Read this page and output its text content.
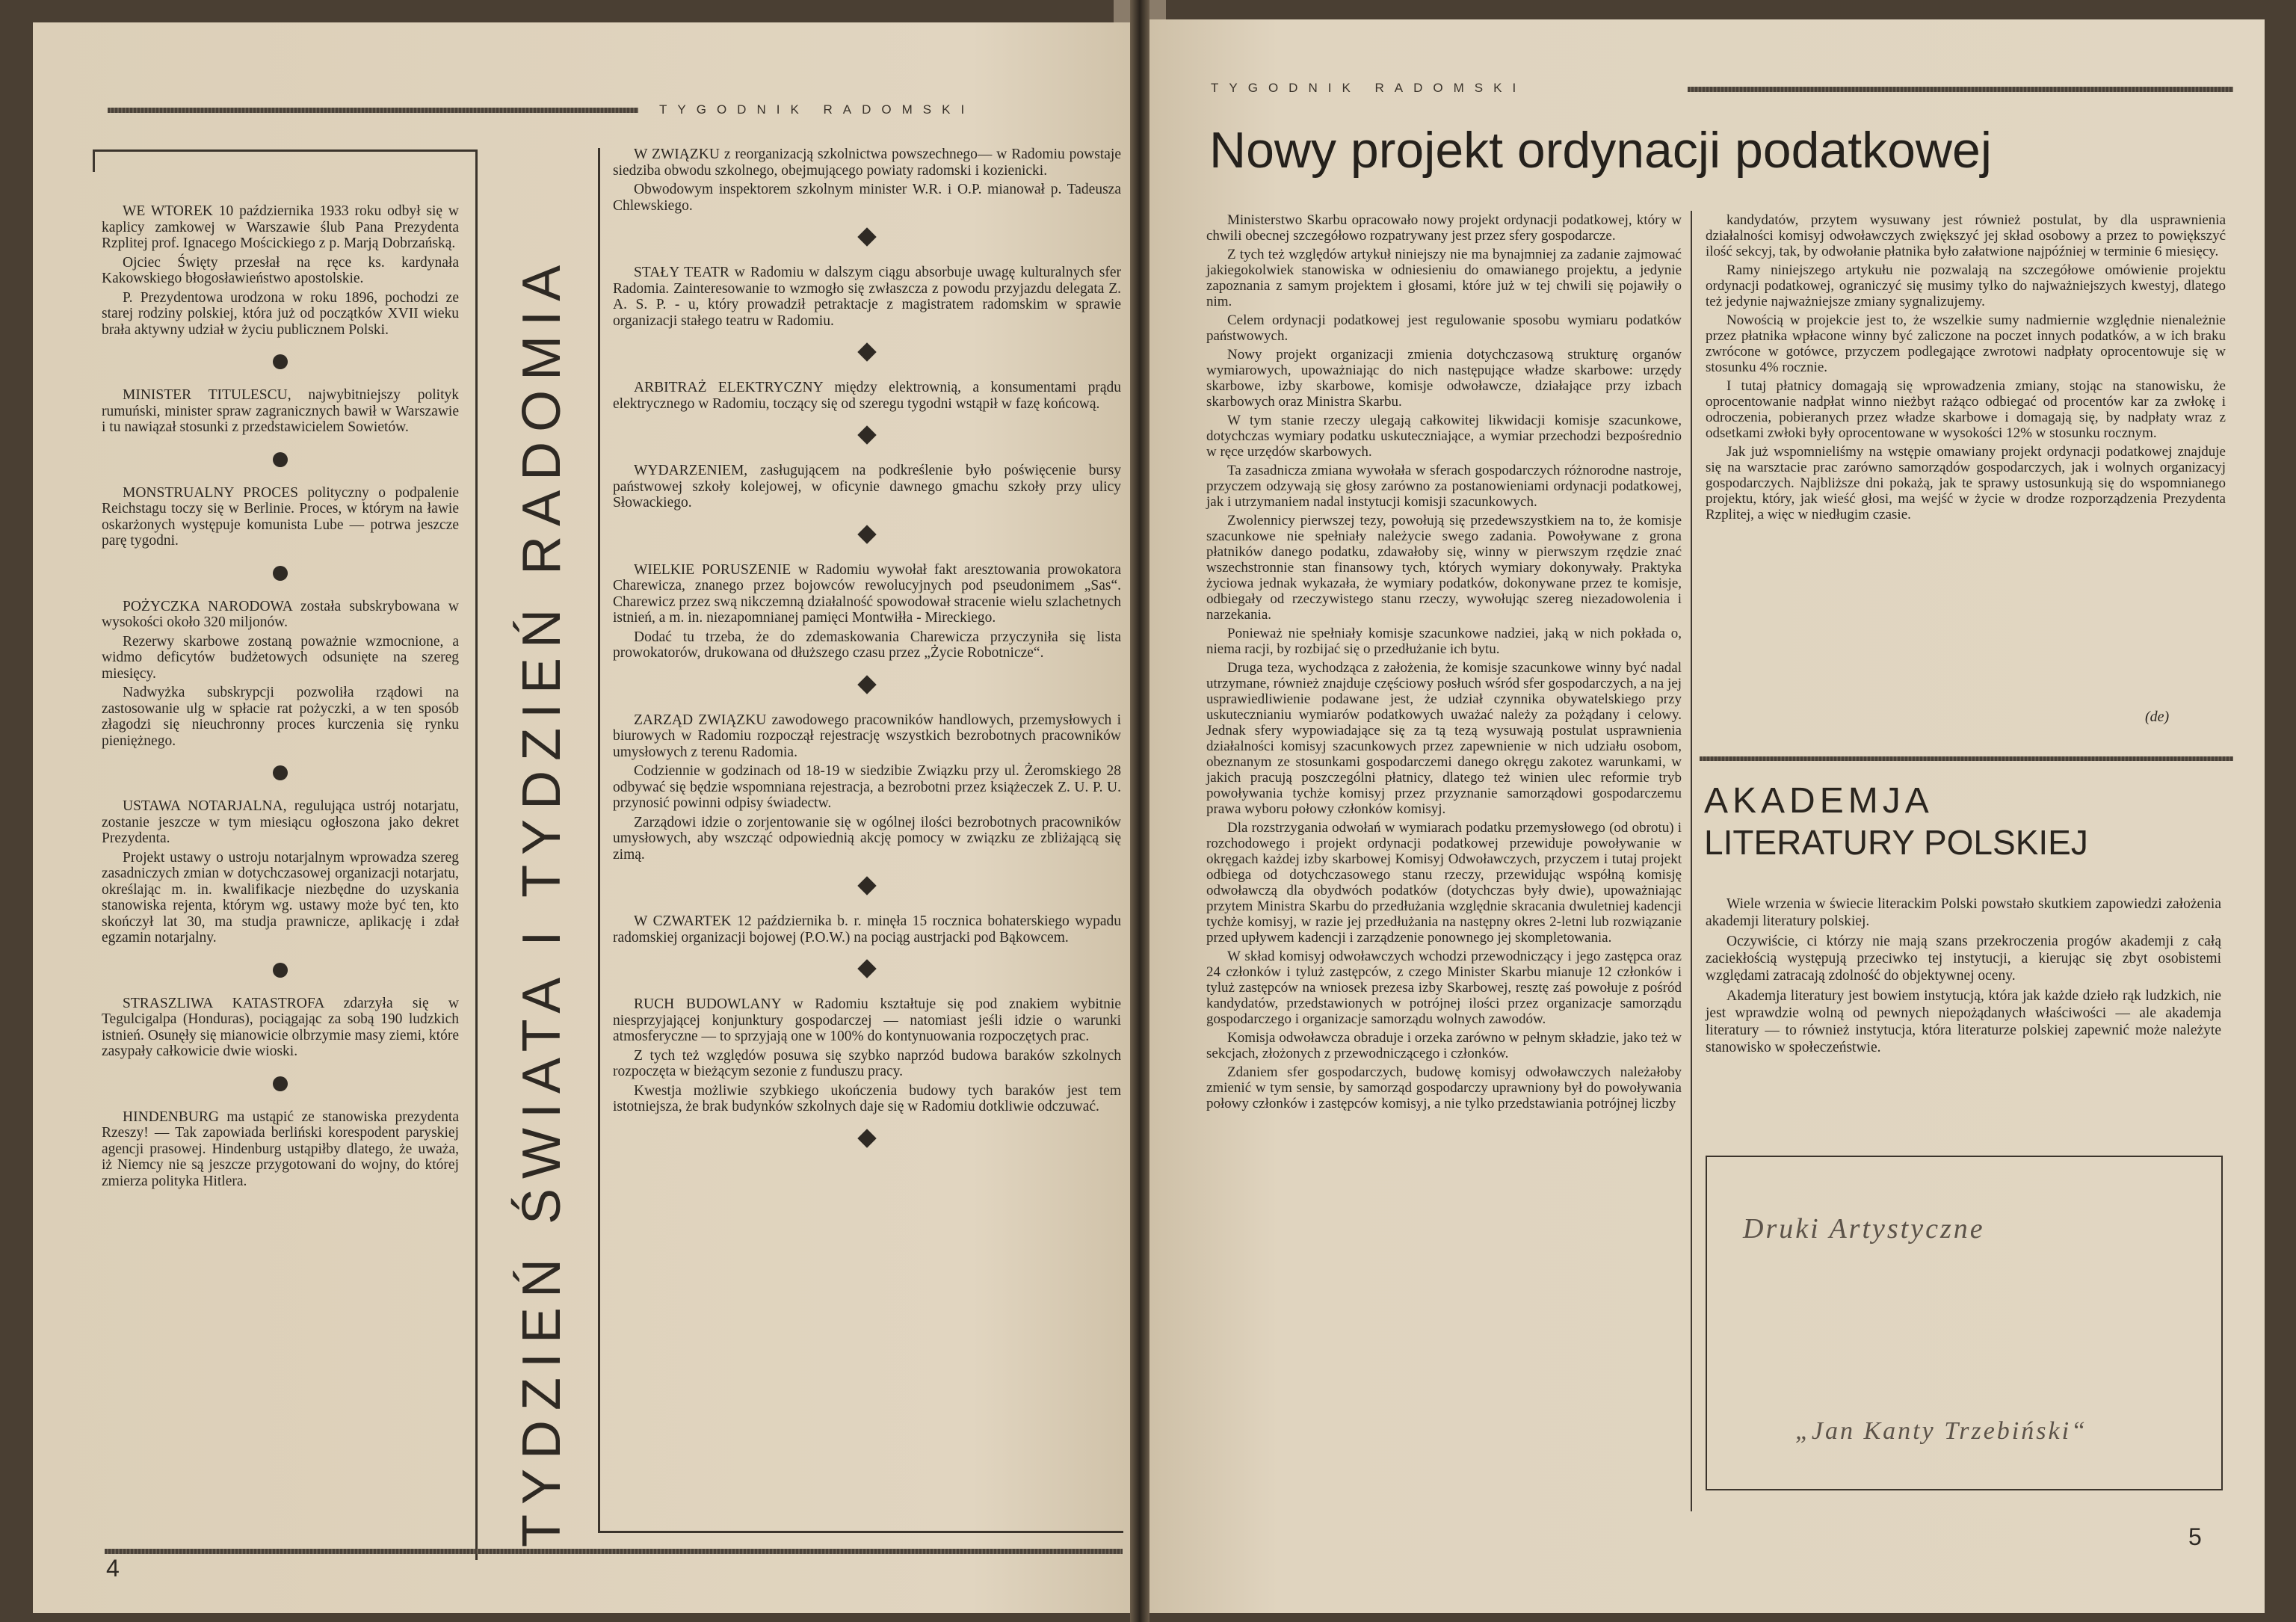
TYGODNIK RADOMSKI

WE WTOREK 10 października 1933 roku odbył się w kaplicy zamkowej w Warszawie ślub Pana Prezydenta Rzplitej prof. Ignacego Mościckiego z p. Marją Dobrzańską.

Ojciec Święty przesłał na ręce ks. kardynała Kakowskiego błogosławieństwo apostolskie.

P. Prezydentowa urodzona w roku 1896, pochodzi ze starej rodziny polskiej, która już od początków XVII wieku brała aktywny udział w życiu publicznem Polski.

MINISTER TITULESCU, najwybitniejszy polityk rumuński, minister spraw zagranicznych bawił w Warszawie i tu nawiązał stosunki z przedstawicielem Sowietów.

MONSTRUALNY PROCES polityczny o podpalenie Reichstagu toczy się w Berlinie. Proces, w którym na ławie oskarżonych występuje komunista Lube — potrwa jeszcze parę tygodni.

POŻYCZKA NARODOWA została subskrybowana w wysokości około 320 miljonów.

Rezerwy skarbowe zostaną poważnie wzmocnione, a widmo deficytów budżetowych odsunięte na szereg miesięcy.

Nadwyżka subskrypcji pozwoliła rządowi na zastosowanie ulg w spłacie rat pożyczki, a w ten sposób złagodzi się nieuchronny proces kurczenia się rynku pieniężnego.

USTAWA NOTARJALNA, regulująca ustrój notarjatu, zostanie jeszcze w tym miesiącu ogłoszona jako dekret Prezydenta.

Projekt ustawy o ustroju notarjalnym wprowadza szereg zasadniczych zmian w dotychczasowej organizacji notarjatu, określając m. in. kwalifikacje niezbędne do uzyskania stanowiska rejenta, którym wg. ustawy może być ten, kto skończył lat 30, ma studja prawnicze, aplikację i zdał egzamin notarjalny.

STRASZLIWA KATASTROFA zdarzyła się w Tegulcigalpa (Honduras), pociągając za sobą 190 ludzkich istnień. Osunęły się mianowicie olbrzymie masy ziemi, które zasypały całkowicie dwie wioski.

HINDENBURG ma ustąpić ze stanowiska prezydenta Rzeszy! — Tak zapowiada berliński korespodent paryskiej agencji prasowej. Hindenburg ustąpiłby dlatego, że uważa, iż Niemcy nie są jeszcze przygotowani do wojny, do której zmierza polityka Hitlera.	TYDZIEŃ ŚWIATA I TYDZIEŃ RADOMIA

W ZWIĄZKU z reorganizacją szkolnictwa powszechnego— w Radomiu powstaje siedziba obwodu szkolnego, obejmującego powiaty radomski i kozienicki.

Obwodowym inspektorem szkolnym minister W.R. i O.P. mianował p. Tadeusza Chlewskiego.

STAŁY TEATR w Radomiu w dalszym ciągu absorbuje uwagę kulturalnych sfer Radomia. Zainteresowanie to wzmogło się zwłaszcza z powodu przyjazdu delegata Z. A. S. P. - u, który prowadził petraktacje z magistratem radomskim w sprawie organizacji stałego teatru w Radomiu.

ARBITRAŻ ELEKTRYCZNY między elektrownią, a konsumentami prądu elektrycznego w Radomiu, toczący się od szeregu tygodni wstąpił w fazę końcową.

WYDARZENIEM, zasługującem na podkreślenie było poświęcenie bursy państwowej szkoły kolejowej, w oficynie dawnego gmachu szkoły przy ulicy Słowackiego.

WIELKIE PORUSZENIE w Radomiu wywołał fakt aresztowania prowokatora Charewicza, znanego przez bojowców rewolucyjnych pod pseudonimem „Sas“. Charewicz przez swą nikczemną działalność spowodował stracenie wielu szlachetnych istnień, a m. in. niezapomnianej pamięci Montwiłła - Mireckiego.

Dodać tu trzeba, że do zdemaskowania Charewicza przyczyniła się lista prowokatorów, drukowana od dłuższego czasu przez „Życie Robotnicze“.

ZARZĄD ZWIĄZKU zawodowego pracowników handlowych, przemysłowych i biurowych w Radomiu rozpoczął rejestrację wszystkich bezrobotnych pracowników umysłowych z terenu Radomia.

Codziennie w godzinach od 18-19 w siedzibie Związku przy ul. Żeromskiego 28 odbywać się będzie wspomniana rejestracja, a bezrobotni przez książeczek Z. U. P. U. przynosić powinni odpisy świadectw.

Zarządowi idzie o zorjentowanie się w ogólnej ilości bezrobotnych pracowników umysłowych, aby wszcząć odpowiednią akcję pomocy w związku ze zbliżającą się zimą.

W CZWARTEK 12 października b. r. minęła 15 rocznica bohaterskiego wypadu radomskiej organizacji bojowej (P.O.W.) na pociąg austrjacki pod Bąkowcem.

RUCH BUDOWLANY w Radomiu kształtuje się pod znakiem wybitnie niesprzyjającej konjunktury gospodarczej — natomiast jeśli idzie o warunki atmosferyczne — to sprzyjają one w 100% do kontynuowania rozpoczętych prac.

Z tych też względów posuwa się szybko naprzód budowa baraków szkolnych rozpoczęta w bieżącym sezonie z funduszu pracy.

Kwestja możliwie szybkiego ukończenia budowy tych baraków jest tem istotniejsza, że brak budynków szkolnych daje się w Radomiu dotkliwie odczuwać.

4
TYGODNIK RADOMSKI
Nowy projekt ordynacji podatkowej

Ministerstwo Skarbu opracowało nowy projekt ordynacji podatkowej, który w chwili obecnej szczegółowo rozpatrywany jest przez sfery gospodarcze.

Z tych też względów artykuł niniejszy nie ma bynajmniej za zadanie zajmować jakiegokolwiek stanowiska w odniesieniu do omawianego projektu, a jedynie zapoznania z samym projektem i głosami, które już w tej chwili się pojawiły o nim.

Celem ordynacji podatkowej jest regulowanie sposobu wymiaru podatków państwowych.

Nowy projekt organizacji zmienia dotychczasową strukturę organów wymiarowych, upoważniając do nich następujące władze skarbowe: urzędy skarbowe, izby skarbowe, komisje odwoławcze, działające przy izbach skarbowych oraz Ministra Skarbu.

W tym stanie rzeczy ulegają całkowitej likwidacji komisje szacunkowe, dotychczas wymiary podatku uskuteczniające, a wymiar przechodzi bezpośrednio w ręce urzędów skarbowych.

Ta zasadnicza zmiana wywołała w sferach gospodarczych różnorodne nastroje, przyczem odzywają się głosy zarówno za postanowieniami ordynacji podatkowej, jak i utrzymaniem nadal instytucji komisji szacunkowych.

Zwolennicy pierwszej tezy, powołują się przedewszystkiem na to, że komisje szacunkowe nie spełniały należycie swego zadania. Powoływane z grona płatników danego podatku, zdawałoby się, winny w pierwszym rzędzie znać wszechstronnie stan finansowy tych, których wymiary dokonywały. Praktyka życiowa jednak wykazała, że wymiary podatków, dokonywane przez te komisje, odbiegały od rzeczywistego stanu rzeczy, wywołując szereg niezadowolenia i narzekania.

Ponieważ nie spełniały komisje szacunkowe nadziei, jaką w nich pokłada o, niema racji, by rozbijać się o przedłużanie ich bytu.

Druga teza, wychodząca z założenia, że komisje szacunkowe winny być nadal utrzymane, również znajduje częściowy posłuch wśród sfer gospodarczych, a na jej usprawiedliwienie podawane jest, że udział czynnika obywatelskiego przy uskutecznianiu wymiarów podatkowych uważać należy za pożądany i celowy. Jednak sfery wypowiadające się za tą tezą wysuwają postulat usprawnienia działalności komisyj szacunkowych przez zapewnienie w nich udziału osobom, obeznanym ze stosunkami gospodarczemi danego okręgu zakotez warunkami, w jakich pracują poszczególni płatnicy, dlatego też winien ulec reformie tryb powoływania tychże komisyj przez przyznanie samorządowi gospodarczemu prawa wyboru połowy członków komisyj.

Dla rozstrzygania odwołań w wymiarach podatku przemysłowego (od obrotu) i rozchodowego i projekt ordynacji podatkowej przewiduje powoływanie w okręgach każdej izby skarbowej Komisyj Odwoławczych, przyczem i tutaj projekt odbiega od dotychczasowego stanu rzeczy, przewidując współną komisję odwoławczą dla obydwóch podatków (dotychczas były dwie), upoważniając przytem Ministra Skarbu do przedłużania względnie skracania dwuletniej kadencji tychże komisyj, w razie jej przedłużania na następny okres 2-letni lub rozwiązanie przed upływem kadencji i zarządzenie ponownego jej skompletowania.

W skład komisyj odwoławczych wchodzi przewodniczący i jego zastępca oraz 24 członków i tyluż zastępców, z czego Minister Skarbu mianuje 12 członków i tyluż zastępców na wniosek prezesa izby Skarbowej, resztę zaś powołuje z pośród kandydatów, przedstawionych w potrójnej ilości przez organizacje samorządu gospodarczego i organizacje samorządu wolnych zawodów.

Komisja odwoławcza obraduje i orzeka zarówno w pełnym składzie, jako też w sekcjach, złożonych z przewodniczącego i członków.

Zdaniem sfer gospodarczych, budowę komisyj odwoławczych należałoby zmienić w tym sensie, by samorząd gospodarczy uprawniony był do powoływania połowy członków i zastępców komisyj, a nie tylko przedstawiania potrójnej liczby

kandydatów, przytem wysuwany jest również postulat, by dla usprawnienia działalności komisyj odwoławczych zwiększyć jej skład osobowy a przez to powiększyć ilość sekcyj, tak, by odwołanie płatnika było załatwione najpóźniej w terminie 6 miesięcy.

Ramy niniejszego artykułu nie pozwalają na szczegółowe omówienie projektu ordynacji podatkowej, ograniczyć się musimy tylko do najważniejszych kwestyj, dlatego też jedynie najważniejsze zmiany sygnalizujemy.

Nowością w projekcie jest to, że wszelkie sumy nadmiernie względnie nienależnie przez płatnika wpłacone winny być zaliczone na poczet innych podatków, a w ich braku zwrócone w gotówce, przyczem podlegające zwrotowi nadpłaty oprocentowuje się w stosunku 4% rocznie.

I tutaj płatnicy domagają się wprowadzenia zmiany, stojąc na stanowisku, że oprocentowanie nadpłat winno nieżbyt rażąco odbiegać od procentów kar za zwłokę i odroczenia, pobieranych przez władze skarbowe i domagają się, by nadpłaty wraz z odsetkami zwłoki były oprocentowane w wysokości 12% w stosunku rocznym.

Jak już wspomnieliśmy na wstępie omawiany projekt ordynacji podatkowej znajduje się na warsztacie prac zarówno samorządów gospodarczych, jak i wolnych organizacyj gospodarczych. Najbliższe dni pokażą, jak te sprawy ustosunkują się do wspomnianego projektu, który, jak wieść głosi, ma wejść w życie w drodze rozporządzenia Prezydenta Rzplitej, a więc w niedługim czasie.

(de)
AKADEMJA
LITERATURY POLSKIEJ

Wiele wrzenia w świecie literackim Polski powstało skutkiem zapowiedzi założenia akademji literatury polskiej.

Oczywiście, ci którzy nie mają szans przekroczenia progów akademji z całą zaciekłością występują przeciwko tej instytucji, a kierując się zbyt osobistemi względami zatracają zdolność do objektywnej oceny.

Akademja literatury jest bowiem instytucją, która jak każde dzieło rąk ludzkich, nie jest wprawdzie wolną od pewnych niepożądanych właściwości — ale akademja literatury — to również instytucja, która literaturze polskiej zapewnić może należyte stanowisko w społeczeństwie.

Druki Artystyczne
„Jan Kanty Trzebiński“
5
